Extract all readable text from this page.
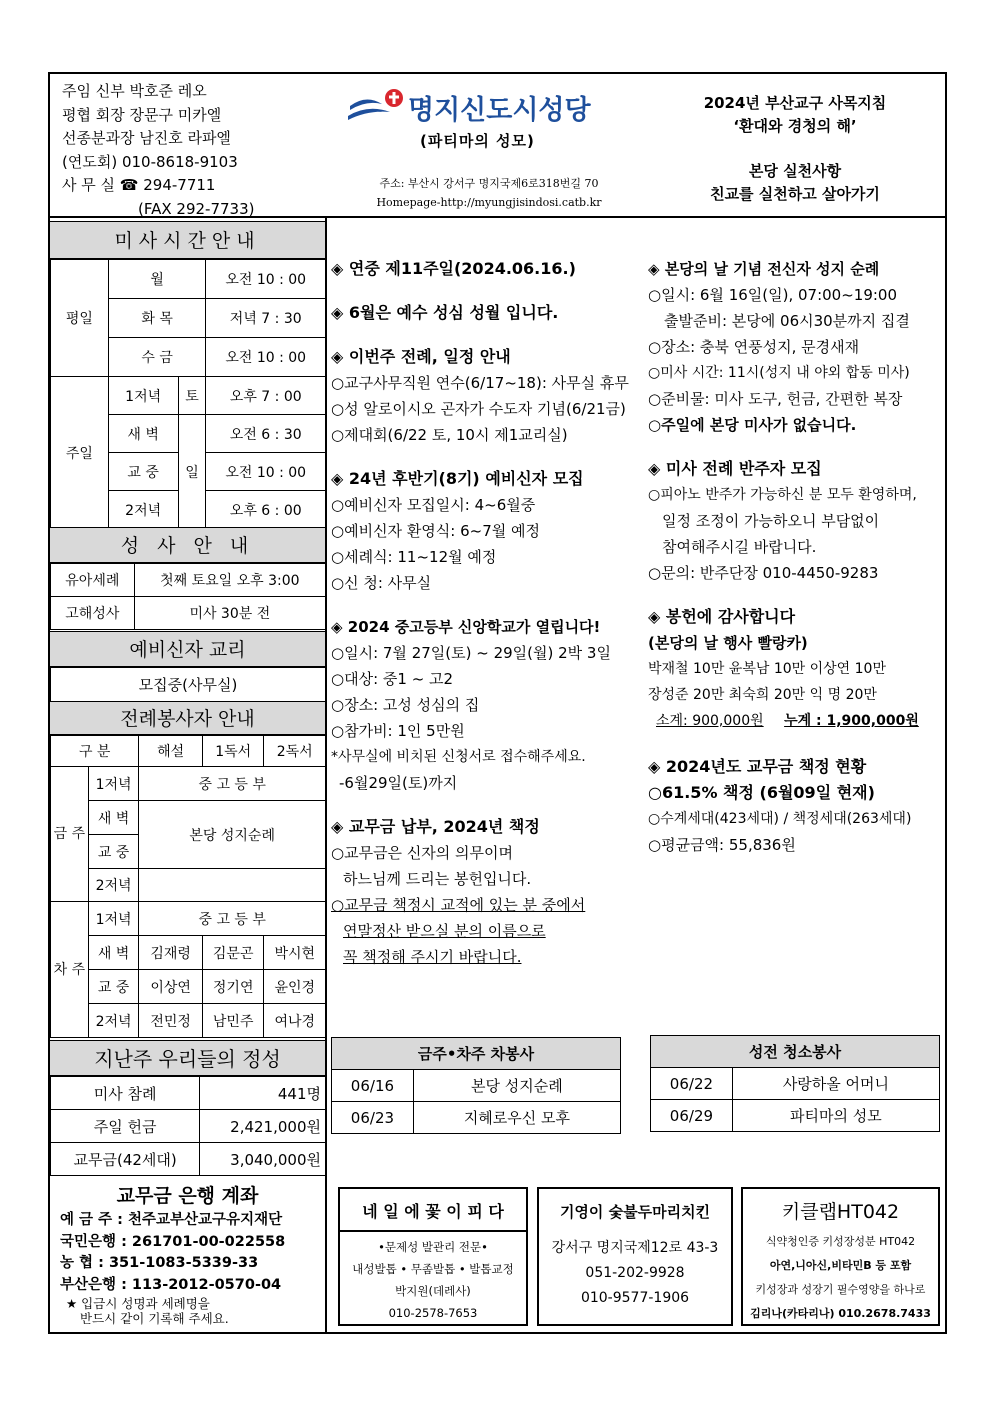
주임 신부 박호준 레오
평협 회장 장문구 미카엘
선종분과장 남진호 라파엘
(연도회) 010-8618-9103
사 무 실 ☎ 294-7711
(FAX 292-7733)
명지신도시성당
(파티마의 성모)
주소: 부산시 강서구 명지국제6로318번길 70
Homepage-http://myungjisindosi.catb.kr
2024년 부산교구 사목지침
‘환대와 경청의 해’
본당 실천사항
친교를 실천하고 살아가기
미사시간안내
평일	월		오전 10 : 00
	화 목		저녁 7 : 30
	수 금		오전 10 : 00
주일	1저녁	토	오후 7 : 00
	새 벽	일	오전 6 : 30
	교 중		오전 10 : 00
	2저녁		오후 6 : 00
성 사 안 내
유아세례	첫째 토요일 오후 3:00
고해성사	미사 30분 전
예비신자 교리
모집중(사무실)
전례봉사자 안내
구 분		해설	1독서	2독서
금 주	1저녁	중 고 등 부		
	새 벽	본당 성지순례		
	교 중			
	2저녁			
차 주	1저녁	중 고 등 부		
	새 벽	김재령	김문곤	박시현
	교 중	이상연	정기연	윤인경
	2저녁	전민정	남민주	여나경
지난주 우리들의 정성
미사 참례	441명
주일 헌금	2,421,000원
교무금(42세대)	3,040,000원
교무금 은행 계좌
예 금 주 : 천주교부산교구유지재단
국민은행 : 261701-00-022558
농 협 : 351-1083-5339-33
부산은행 : 113-2012-0570-04
★ 입금시 성명과 세례명을
반드시 같이 기록해 주세요.
◈ 연중 제11주일(2024.06.16.)
◈ 6월은 예수 성심 성월 입니다.
◈ 이번주 전례, 일정 안내
○교구사무직원 연수(6/17~18): 사무실 휴무
○성 알로이시오 곤자가 수도자 기념(6/21금)
○제대회(6/22 토, 10시 제1교리실)
◈ 24년 후반기(8기) 예비신자 모집
○예비신자 모집일시: 4~6월중
○예비신자 환영식: 6~7월 예정
○세례식: 11~12월 예정
○신 청: 사무실
◈ 2024 중고등부 신앙학교가 열립니다!
○일시: 7월 27일(토) ~ 29일(월) 2박 3일
○대상: 중1 ~ 고2
○장소: 고성 성심의 집
○참가비: 1인 5만원
*사무실에 비치된 신청서로 접수해주세요.
-6월29일(토)까지
◈ 교무금 납부, 2024년 책정
○교무금은 신자의 의무이며
하느님께 드리는 봉헌입니다.
○교무금 책정시 교적에 있는 분 중에서
연말정산 받으실 분의 이름으로
꼭 책정해 주시기 바랍니다.
◈ 본당의 날 기념 전신자 성지 순례
○일시: 6월 16일(일), 07:00~19:00
출발준비: 본당에 06시30분까지 집결
○장소: 충북 연풍성지, 문경새재
○미사 시간: 11시(성지 내 야외 합동 미사)
○준비물: 미사 도구, 헌금, 간편한 복장
○주일에 본당 미사가 없습니다.
◈ 미사 전례 반주자 모집
○피아노 반주가 가능하신 분 모두 환영하며,
일정 조정이 가능하오니 부담없이
참여해주시길 바랍니다.
○문의: 반주단장 010-4450-9283
◈ 봉헌에 감사합니다
(본당의 날 행사 빨랑카)
박재철 10만 윤복남 10만 이상연 10만
장성준 20만 최숙희 20만 익 명 20만
소계: 900,000원 누계 : 1,900,000원
◈ 2024년도 교무금 책정 현황
○61.5% 책정 (6월09일 현재)
○수계세대(423세대) / 책정세대(263세대)
○평균금액: 55,836원
금주•차주 차봉사	
06/16	본당 성지순례
06/23	지혜로우신 모후
성전 청소봉사	
06/22	사랑하올 어머니
06/29	파티마의 성모
네 일 에 꽃 이 피 다
•문제성 발관리 전문•
내성발톱 • 무좀발톱 • 발톱교정
박지원(데레사)
010-2578-7653
기영이 숯불두마리치킨
강서구 명지국제12로 43-3
051-202-9928
010-9577-1906
키클랩HT042
식약청인증 키성장성분 HT042
아연,니아신,비타민B 등 포함
키성장과 성장기 필수영양을 하나로
김리나(카타리나) 010.2678.7433
